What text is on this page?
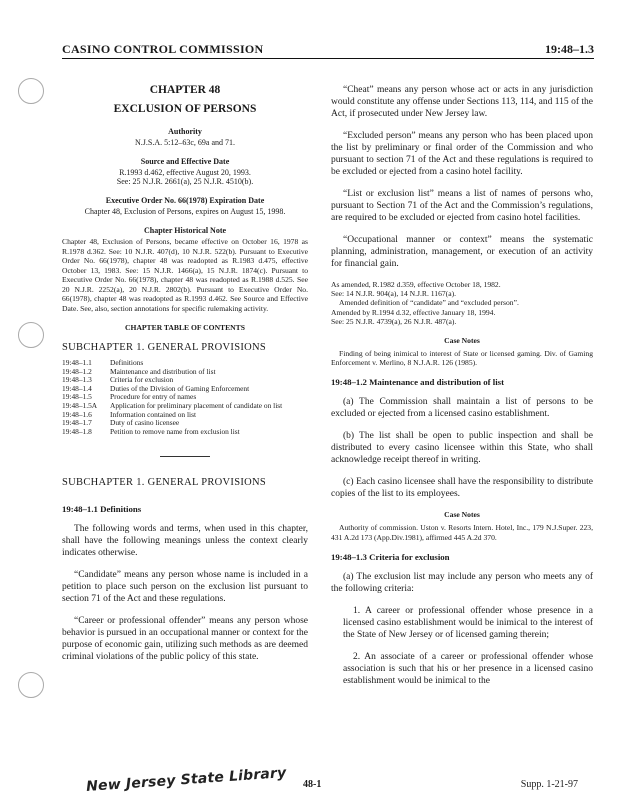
CASINO CONTROL COMMISSION	19:48–1.3

CHAPTER 48

EXCLUSION OF PERSONS

Authority

N.J.S.A. 5:12–63c, 69a and 71.

Source and Effective Date

R.1993 d.462, effective August 20, 1993.

See: 25 N.J.R. 2661(a), 25 N.J.R. 4510(b).

Executive Order No. 66(1978) Expiration Date

Chapter 48, Exclusion of Persons, expires on August 15, 1998.

Chapter Historical Note

Chapter 48, Exclusion of Persons, became effective on October 16, 1978 as R.1978 d.362. See: 10 N.J.R. 407(d), 10 N.J.R. 522(b). Pursuant to Executive Order No. 66(1978), chapter 48 was readopted as R.1983 d.475, effective October 13, 1983. See: 15 N.J.R. 1466(a), 15 N.J.R. 1874(c). Pursuant to Executive Order No. 66(1978), chapter 48 was readopted as R.1988 d.525. See 20 N.J.R. 2252(a), 20 N.J.R. 2802(b). Pursuant to Executive Order No. 66(1978), chapter 48 was readopted as R.1993 d.462. See Source and Effective Date. See, also, section annotations for specific rulemaking activity.

CHAPTER TABLE OF CONTENTS

SUBCHAPTER 1. GENERAL PROVISIONS

19:48–1.1	Definitions
19:48–1.2	Maintenance and distribution of list
19:48–1.3	Criteria for exclusion
19:48–1.4	Duties of the Division of Gaming Enforcement
19:48–1.5	Procedure for entry of names
19:48–1.5A	Application for preliminary placement of candidate on list
19:48–1.6	Information contained on list
19:48–1.7	Duty of casino licensee
19:48–1.8	Petition to remove name from exclusion list

SUBCHAPTER 1. GENERAL PROVISIONS

19:48–1.1 Definitions

The following words and terms, when used in this chapter, shall have the following meanings unless the context clearly indicates otherwise.

“Candidate” means any person whose name is included in a petition to place such person on the exclusion list pursuant to section 71 of the Act and these regulations.

“Career or professional offender” means any person whose behavior is pursued in an occupational manner or context for the purpose of economic gain, utilizing such methods as are deemed criminal violations of the public policy of this state.

“Cheat” means any person whose act or acts in any jurisdiction would constitute any offense under Sections 113, 114, and 115 of the Act, if prosecuted under New Jersey law.

“Excluded person” means any person who has been placed upon the list by preliminary or final order of the Commission and who pursuant to section 71 of the Act and these regulations is required to be excluded or ejected from a casino hotel facility.

“List or exclusion list” means a list of names of persons who, pursuant to Section 71 of the Act and the Commission’s regulations, are required to be excluded or ejected from casino hotel facilities.

“Occupational manner or context” means the systematic planning, administration, management, or execution of an activity for financial gain.

As amended, R.1982 d.359, effective October 18, 1982.

See: 14 N.J.R. 904(a), 14 N.J.R. 1167(a).

Amended definition of “candidate” and “excluded person”.

Amended by R.1994 d.32, effective January 18, 1994.

See: 25 N.J.R. 4739(a), 26 N.J.R. 487(a).

Case Notes

Finding of being inimical to interest of State or licensed gaming. Div. of Gaming Enforcement v. Merlino, 8 N.J.A.R. 126 (1985).

19:48–1.2 Maintenance and distribution of list

(a) The Commission shall maintain a list of persons to be excluded or ejected from a licensed casino establishment.

(b) The list shall be open to public inspection and shall be distributed to every casino licensee within this State, who shall acknowledge receipt thereof in writing.

(c) Each casino licensee shall have the responsibility to distribute copies of the list to its employees.

Case Notes

Authority of commission. Uston v. Resorts Intern. Hotel, Inc., 179 N.J.Super. 223, 431 A.2d 173 (App.Div.1981), affirmed 445 A.2d 370.

19:48–1.3 Criteria for exclusion

(a) The exclusion list may include any person who meets any of the following criteria:

1. A career or professional offender whose presence in a licensed casino establishment would be inimical to the interest of the State of New Jersey or of licensed gaming therein;

2. An associate of a career or professional offender whose association is such that his or her presence in a licensed casino establishment would be inimical to the

New Jersey State Library 48-1	Supp. 1-21-97
